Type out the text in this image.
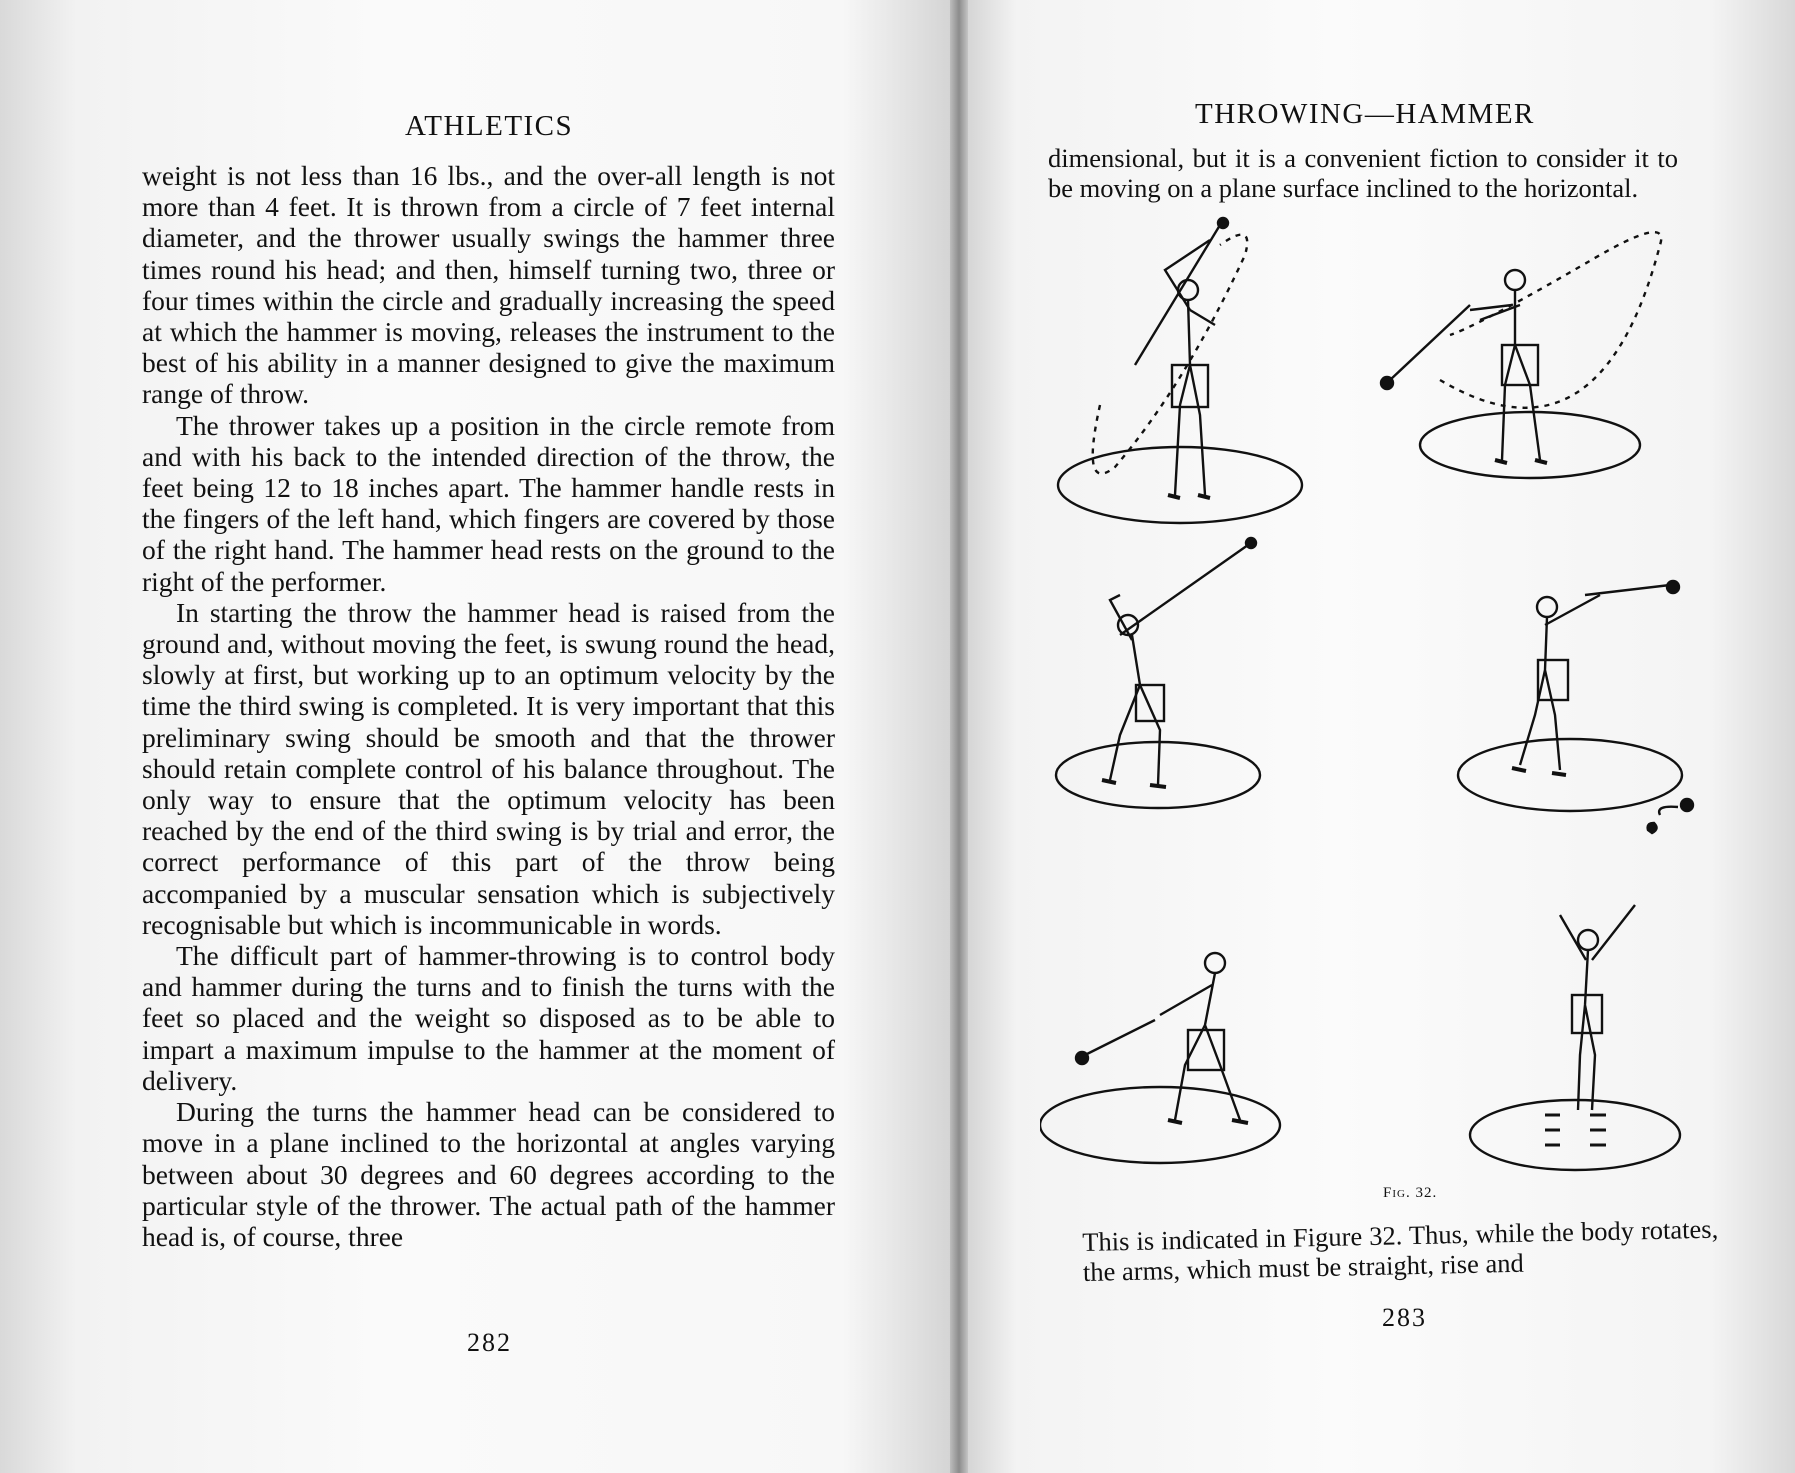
ATHLETICS

weight is not less than 16 lbs., and the over-all length is not more than 4 feet. It is thrown from a circle of 7 feet internal diameter, and the thrower usually swings the hammer three times round his head; and then, himself turning two, three or four times within the circle and gradually increasing the speed at which the hammer is moving, releases the instrument to the best of his ability in a manner designed to give the maximum range of throw.

The thrower takes up a position in the circle remote from and with his back to the intended direction of the throw, the feet being 12 to 18 inches apart. The hammer handle rests in the fingers of the left hand, which fingers are covered by those of the right hand. The hammer head rests on the ground to the right of the performer.

In starting the throw the hammer head is raised from the ground and, without moving the feet, is swung round the head, slowly at first, but working up to an optimum velocity by the time the third swing is completed. It is very important that this preliminary swing should be smooth and that the thrower should retain complete control of his balance throughout. The only way to ensure that the optimum velocity has been reached by the end of the third swing is by trial and error, the correct performance of this part of the throw being accompanied by a muscular sensation which is subjectively recognisable but which is incommunicable in words.

The difficult part of hammer-throwing is to control body and hammer during the turns and to finish the turns with the feet so placed and the weight so disposed as to be able to impart a maximum impulse to the hammer at the moment of delivery.

During the turns the hammer head can be considered to move in a plane inclined to the horizontal at angles varying between about 30 degrees and 60 degrees according to the particular style of the thrower. The actual path of the hammer head is, of course, three

282
THROWING—HAMMER

dimensional, but it is a convenient fiction to consider it to be moving on a plane surface inclined to the horizontal.

Fig. 32.

This is indicated in Figure 32. Thus, while the body rotates, the arms, which must be straight, rise and

283
